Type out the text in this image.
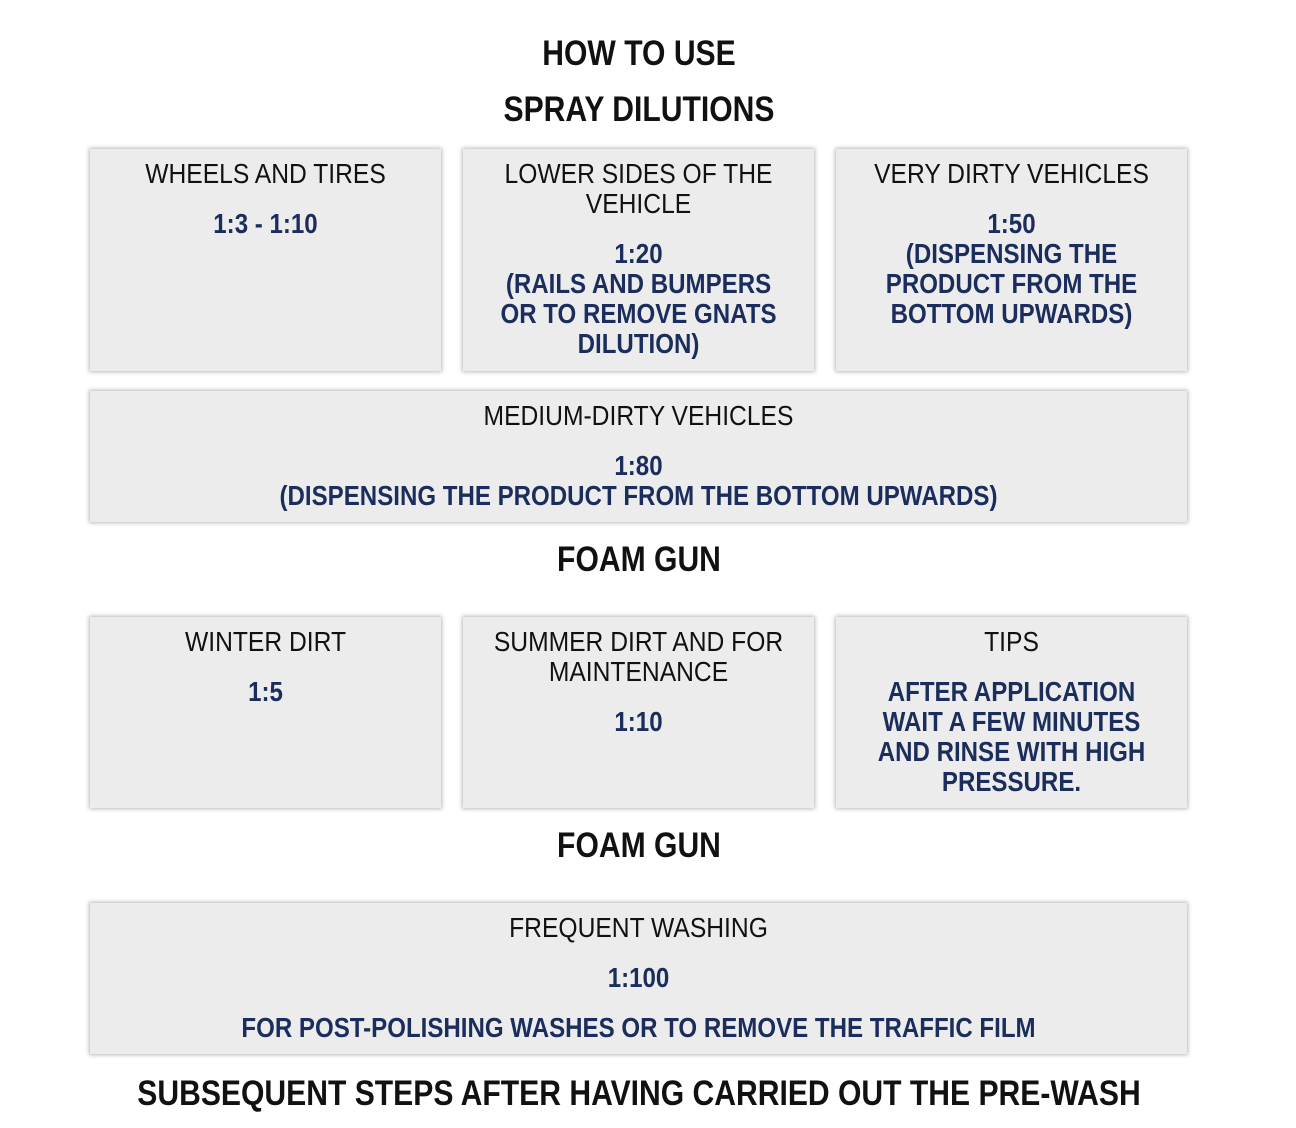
HOW TO USE
SPRAY DILUTIONS
WHEELS AND TIRES
1:3 - 1:10
LOWER SIDES OF THE VEHICLE
1:20
(RAILS AND BUMPERS OR TO REMOVE GNATS DILUTION)
VERY DIRTY VEHICLES
1:50
(DISPENSING THE PRODUCT FROM THE BOTTOM UPWARDS)
MEDIUM-DIRTY VEHICLES
1:80
(DISPENSING THE PRODUCT FROM THE BOTTOM UPWARDS)
FOAM GUN
WINTER DIRT
1:5
SUMMER DIRT AND FOR MAINTENANCE
1:10
TIPS
AFTER APPLICATION WAIT A FEW MINUTES AND RINSE WITH HIGH PRESSURE.
FOAM GUN
FREQUENT WASHING
1:100
FOR POST-POLISHING WASHES OR TO REMOVE THE TRAFFIC FILM
SUBSEQUENT STEPS AFTER HAVING CARRIED OUT THE PRE-WASH
